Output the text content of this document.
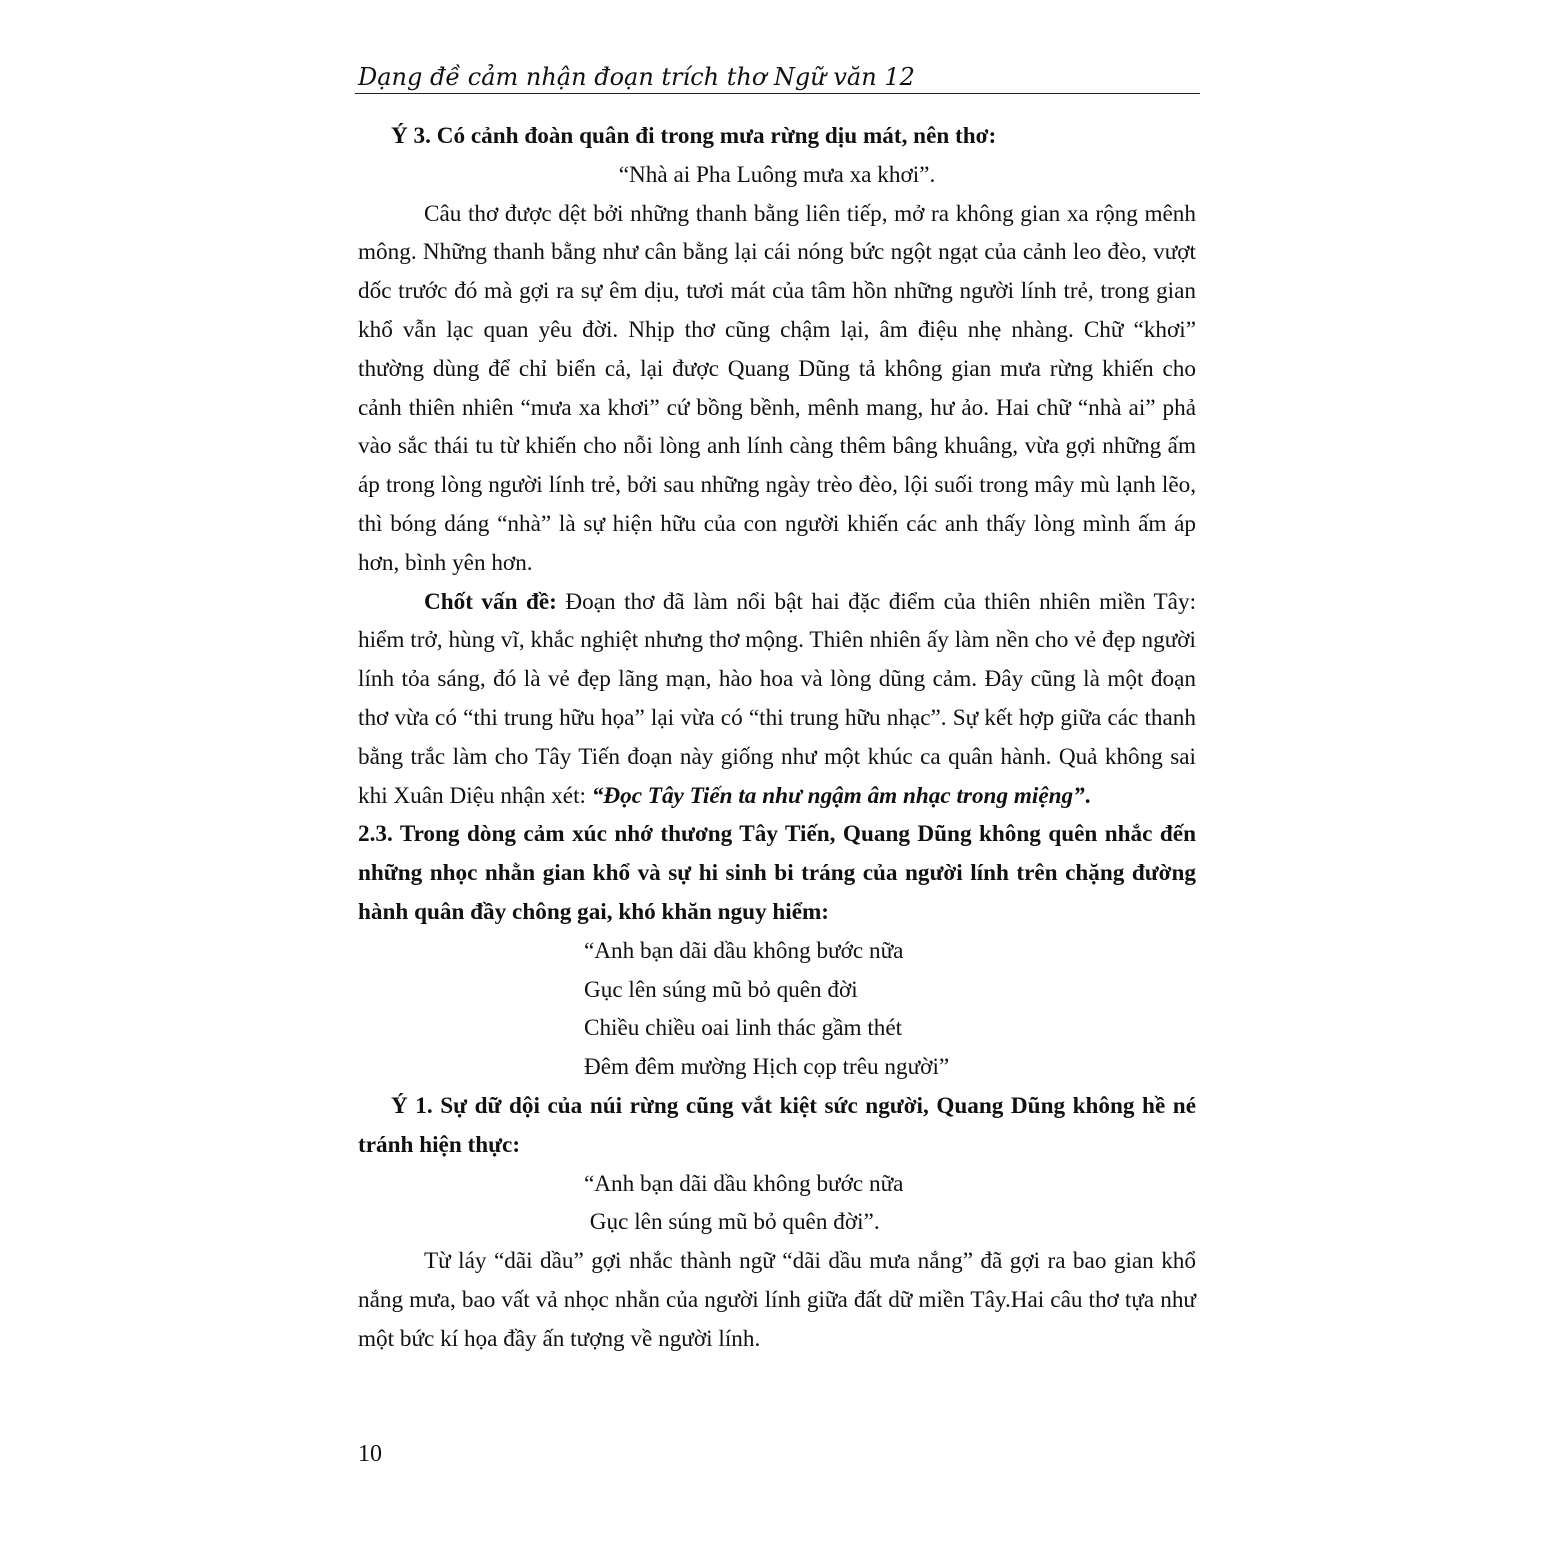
Dạng đề cảm nhận đoạn trích thơ Ngữ văn 12

Ý 3. Có cảnh đoàn quân đi trong mưa rừng dịu mát, nên thơ:

“Nhà ai Pha Luông mưa xa khơi”.

Câu thơ được dệt bởi những thanh bằng liên tiếp, mở ra không gian xa rộng mênh mông. Những thanh bằng như cân bằng lại cái nóng bức ngột ngạt của cảnh leo đèo, vượt dốc trước đó mà gợi ra sự êm dịu, tươi mát của tâm hồn những người lính trẻ, trong gian khổ vẫn lạc quan yêu đời. Nhịp thơ cũng chậm lại, âm điệu nhẹ nhàng. Chữ “khơi” thường dùng để chỉ biển cả, lại được Quang Dũng tả không gian mưa rừng khiến cho cảnh thiên nhiên “mưa xa khơi” cứ bồng bềnh, mênh mang, hư ảo. Hai chữ “nhà ai” phả vào sắc thái tu từ khiến cho nỗi lòng anh lính càng thêm bâng khuâng, vừa gợi những ấm áp trong lòng người lính trẻ, bởi sau những ngày trèo đèo, lội suối trong mây mù lạnh lẽo, thì bóng dáng “nhà” là sự hiện hữu của con người khiến các anh thấy lòng mình ấm áp hơn, bình yên hơn.

Chốt vấn đề: Đoạn thơ đã làm nổi bật hai đặc điểm của thiên nhiên miền Tây: hiểm trở, hùng vĩ, khắc nghiệt nhưng thơ mộng. Thiên nhiên ấy làm nền cho vẻ đẹp người lính tỏa sáng, đó là vẻ đẹp lãng mạn, hào hoa và lòng dũng cảm. Đây cũng là một đoạn thơ vừa có “thi trung hữu họa” lại vừa có “thi trung hữu nhạc”. Sự kết hợp giữa các thanh bằng trắc làm cho Tây Tiến đoạn này giống như một khúc ca quân hành. Quả không sai khi Xuân Diệu nhận xét: “Đọc Tây Tiến ta như ngậm âm nhạc trong miệng”.

2.3. Trong dòng cảm xúc nhớ thương Tây Tiến, Quang Dũng không quên nhắc đến những nhọc nhằn gian khổ và sự hi sinh bi tráng của người lính trên chặng đường hành quân đầy chông gai, khó khăn nguy hiểm:

“Anh bạn dãi dầu không bước nữa

Gục lên súng mũ bỏ quên đời

Chiều chiều oai linh thác gầm thét

Đêm đêm mường Hịch cọp trêu người”

Ý 1. Sự dữ dội của núi rừng cũng vắt kiệt sức người, Quang Dũng không hề né tránh hiện thực:

“Anh bạn dãi dầu không bước nữa

Gục lên súng mũ bỏ quên đời”.

Từ láy “dãi dầu” gợi nhắc thành ngữ “dãi dầu mưa nắng” đã gợi ra bao gian khổ nắng mưa, bao vất vả nhọc nhằn của người lính giữa đất dữ miền Tây.Hai câu thơ tựa như một bức kí họa đầy ấn tượng về người lính.

10
